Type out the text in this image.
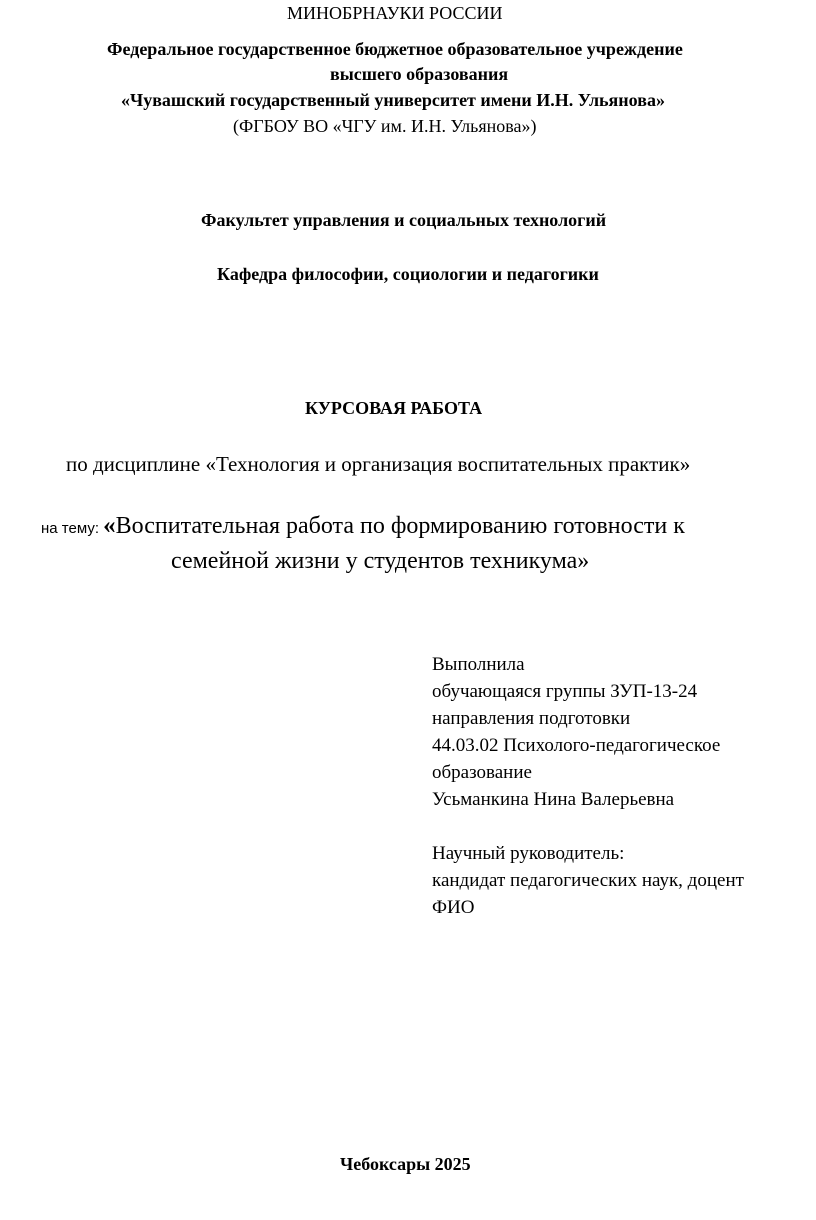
МИНОБРНАУКИ РОССИИ
Федеральное государственное бюджетное образовательное учреждение
высшего образования
«Чувашский государственный университет имени И.Н. Ульянова»
(ФГБОУ ВО «ЧГУ им. И.Н. Ульянова»)
Факультет управления и социальных технологий
Кафедра философии, социологии и педагогики
КУРСОВАЯ РАБОТА
по дисциплине «Технология и организация воспитательных практик»
на тему: «Воспитательная работа по формированию готовности к
семейной жизни у студентов техникума»
Выполнила
обучающаяся группы ЗУП-13-24
направления подготовки
44.03.02 Психолого-педагогическое
образование
Усьманкина Нина Валерьевна
Научный руководитель:
кандидат педагогических наук, доцент
ФИО
Чебоксары 2025
